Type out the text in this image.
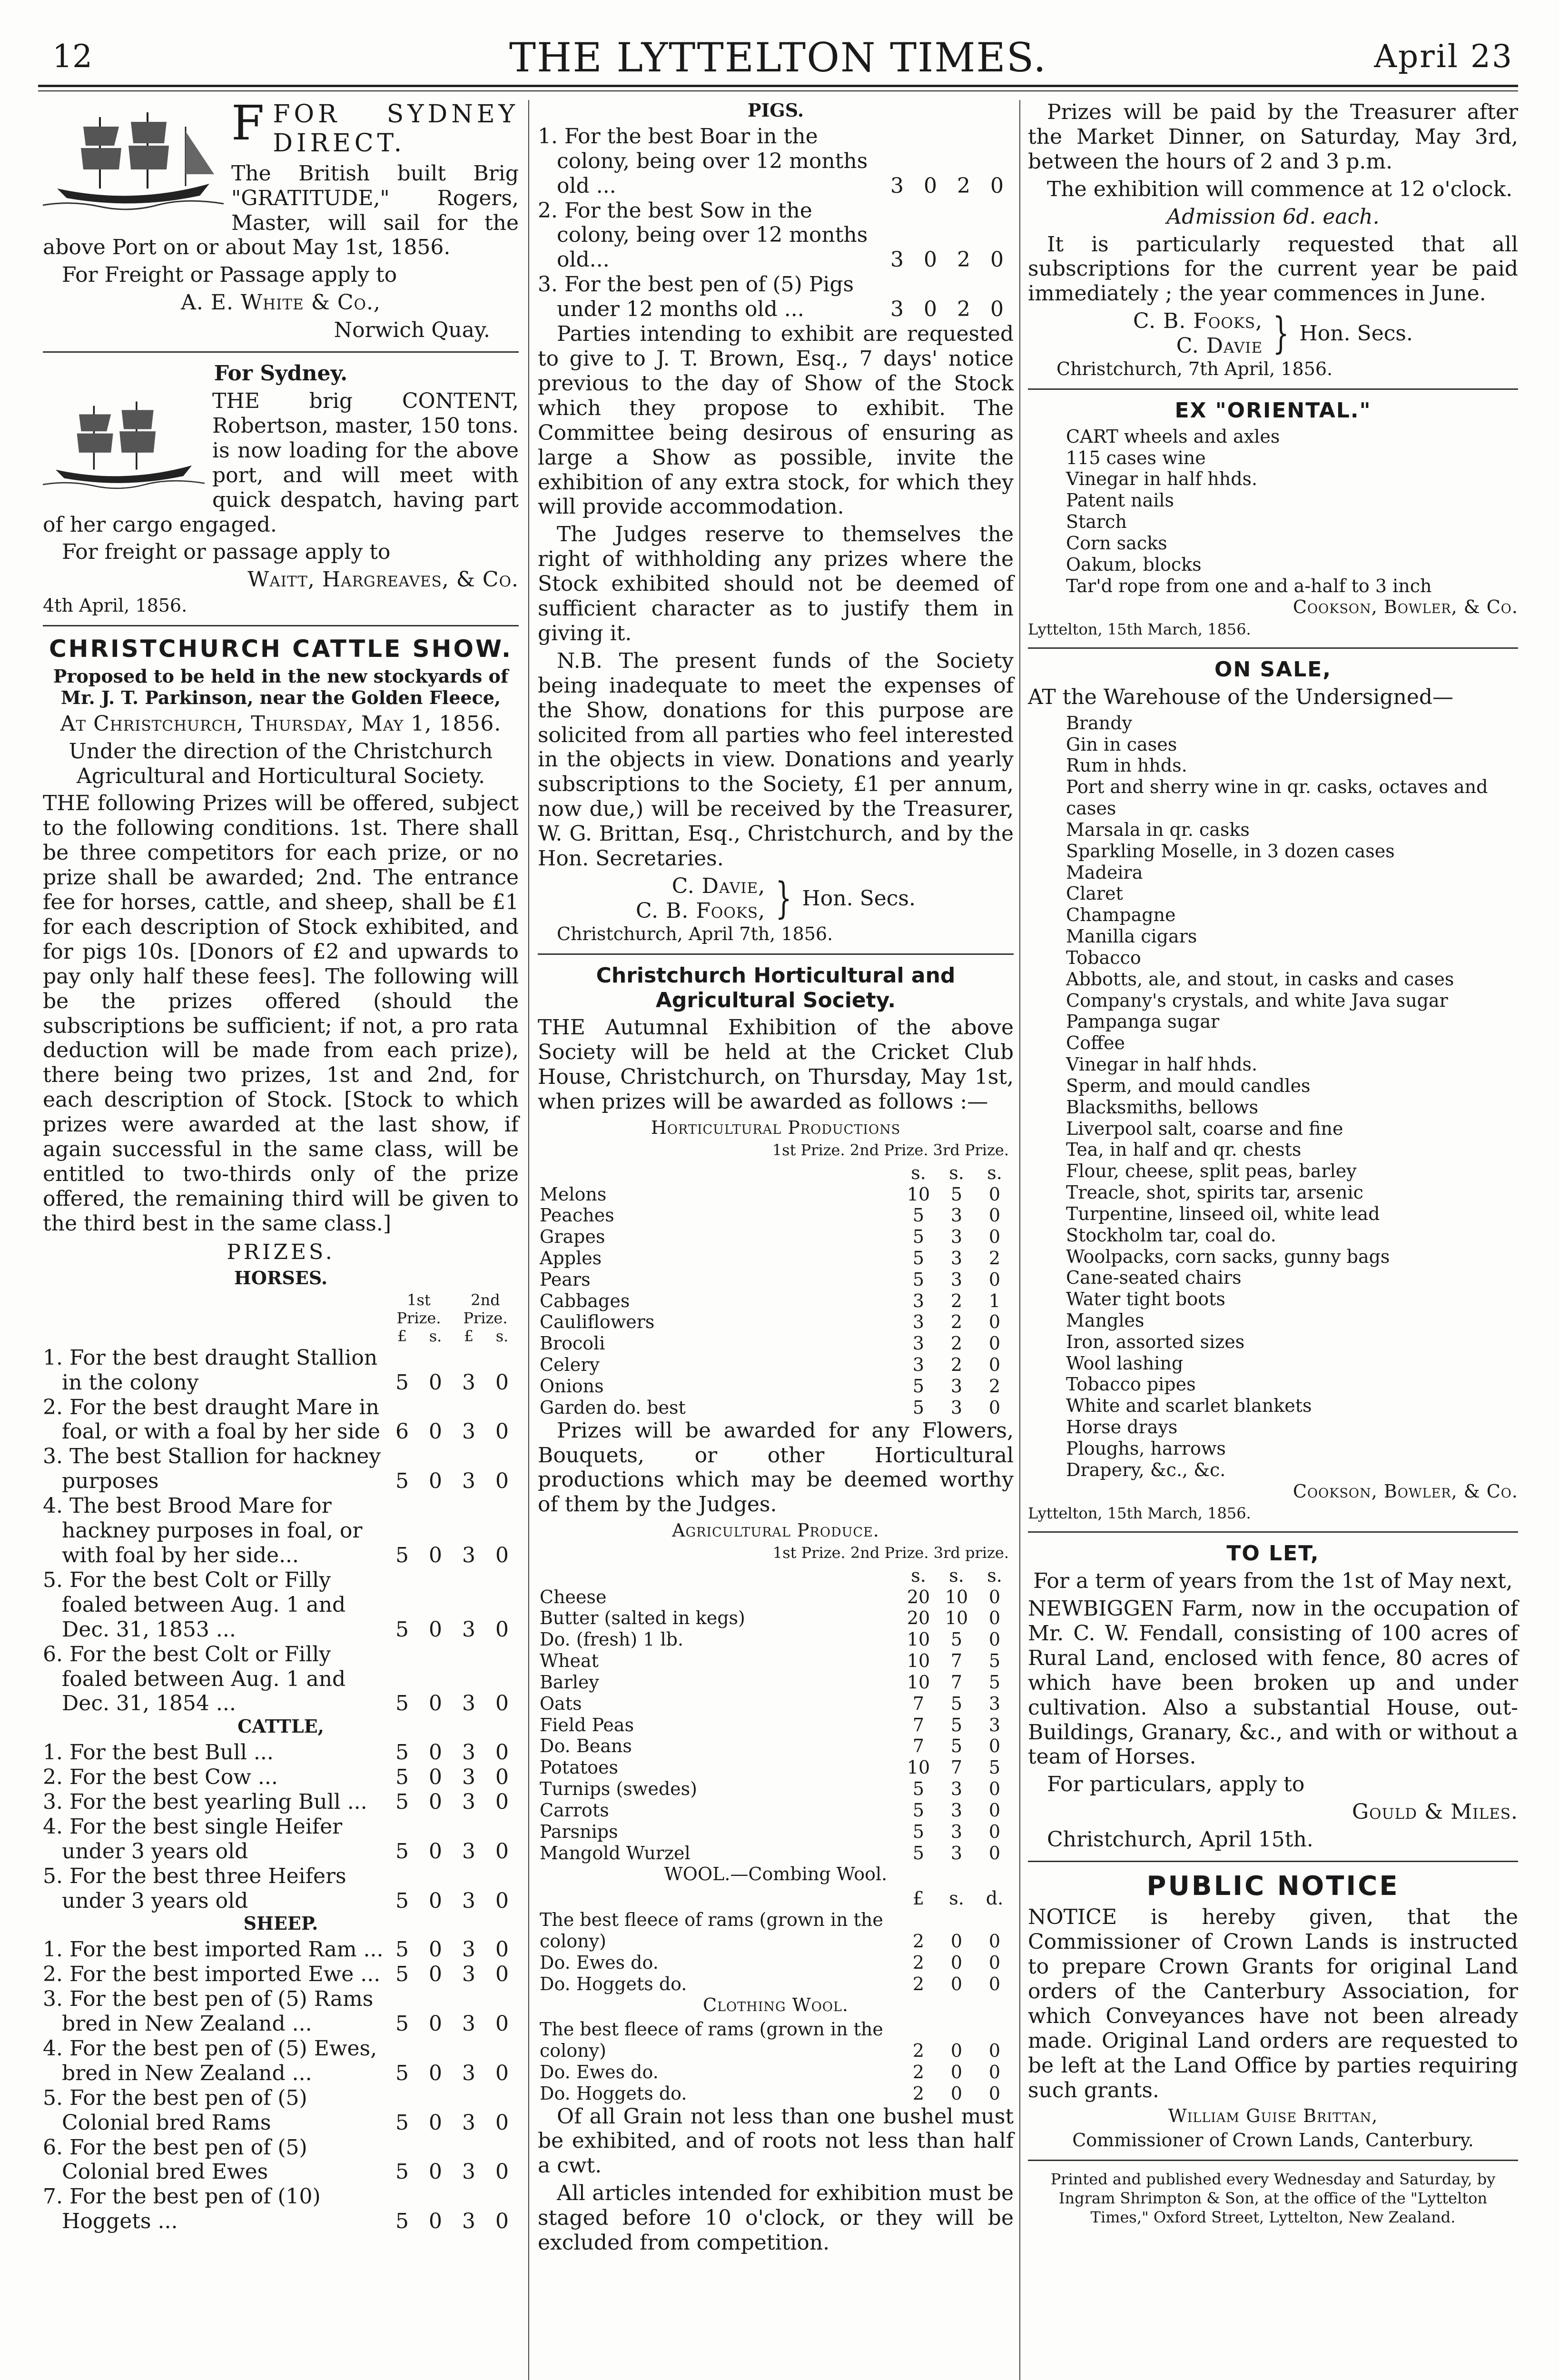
12	THE LYTTELTON TIMES.	April 23

FFOR SYDNEY DIRECT.

The British built Brig "GRATITUDE," Rogers, Master, will sail for the above Port on or about May 1st, 1856.

For Freight or Passage apply to

A. E. White & Co.,

Norwich Quay.

For Sydney.

THE brig CONTENT, Robertson, master, 150 tons. is now loading for the above port, and will meet with quick despatch, having part of her cargo engaged.

For freight or passage apply to

Waitt, Hargreaves, & Co.

4th April, 1856.

CHRISTCHURCH CATTLE SHOW.

Proposed to be held in the new stockyards of Mr. J. T. Parkinson, near the Golden Fleece,

At Christchurch, Thursday, May 1, 1856.

Under the direction of the Christchurch Agricultural and Horticultural Society.

THE following Prizes will be offered, subject to the following conditions. 1st. There shall be three competitors for each prize, or no prize shall be awarded; 2nd. The entrance fee for horses, cattle, and sheep, shall be £1 for each description of Stock exhibited, and for pigs 10s. [Donors of £2 and upwards to pay only half these fees]. The following will be the prizes offered (should the subscriptions be sufficient; if not, a pro rata deduction will be made from each prize), there being two prizes, 1st and 2nd, for each description of Stock. [Stock to which prizes were awarded at the last show, if again successful in the same class, will be entitled to two-thirds only of the prize offered, the remaining third will be given to the third best in the same class.]

PRIZES.

HORSES.

	1st Prize.		2nd Prize.	
	£	s.	£	s.
1. For the best draught Stallion in the colony	5	0	3	0
2. For the best draught Mare in foal, or with a foal by her side	6	0	3	0
3. The best Stallion for hackney purposes	5	0	3	0
4. The best Brood Mare for hackney purposes in foal, or with foal by her side...	5	0	3	0
5. For the best Colt or Filly foaled between Aug. 1 and Dec. 31, 1853 ...	5	0	3	0
6. For the best Colt or Filly foaled between Aug. 1 and Dec. 31, 1854 ...	5	0	3	0

CATTLE,

1. For the best Bull ...	5	0	3	0
2. For the best Cow ...	5	0	3	0
3. For the best yearling Bull ...	5	0	3	0
4. For the best single Heifer under 3 years old	5	0	3	0
5. For the best three Heifers under 3 years old	5	0	3	0

SHEEP.

1. For the best imported Ram ...	5	0	3	0
2. For the best imported Ewe ...	5	0	3	0
3. For the best pen of (5) Rams bred in New Zealand ...	5	0	3	0
4. For the best pen of (5) Ewes, bred in New Zealand ...	5	0	3	0
5. For the best pen of (5) Colonial bred Rams	5	0	3	0
6. For the best pen of (5) Colonial bred Ewes	5	0	3	0
7. For the best pen of (10) Hoggets ...	5	0	3	0

PIGS.

1. For the best Boar in the colony, being over 12 months old ...	3	0	2	0
2. For the best Sow in the colony, being over 12 months old...	3	0	2	0
3. For the best pen of (5) Pigs under 12 months old ...	3	0	2	0

Parties intending to exhibit are requested to give to J. T. Brown, Esq., 7 days' notice previous to the day of Show of the Stock which they propose to exhibit. The Committee being desirous of ensuring as large a Show as possible, invite the exhibition of any extra stock, for which they will provide accommodation.

The Judges reserve to themselves the right of withholding any prizes where the Stock exhibited should not be deemed of sufficient character as to justify them in giving it.

N.B. The present funds of the Society being inadequate to meet the expenses of the Show, donations for this purpose are solicited from all parties who feel interested in the objects in view. Donations and yearly subscriptions to the Society, £1 per annum, now due,) will be received by the Treasurer, W. G. Brittan, Esq., Christchurch, and by the Hon. Secretaries.

C. Davie,
C. B. Fooks, } Hon. Secs.

Christchurch, April 7th, 1856.

Christchurch Horticultural and Agricultural Society.

THE Autumnal Exhibition of the above Society will be held at the Cricket Club House, Christchurch, on Thursday, May 1st, when prizes will be awarded as follows :—

Horticultural Productions

1st Prize. 2nd Prize. 3rd Prize.

	s.	s.	s.
Melons	10	5	0
Peaches	5	3	0
Grapes	5	3	0
Apples	5	3	2
Pears	5	3	0
Cabbages	3	2	1
Cauliflowers	3	2	0
Brocoli	3	2	0
Celery	3	2	0
Onions	5	3	2
Garden do. best	5	3	0

Prizes will be awarded for any Flowers, Bouquets, or other Horticultural productions which may be deemed worthy of them by the Judges.

Agricultural Produce.

1st Prize. 2nd Prize. 3rd prize.

	s.	s.	s.
Cheese	20	10	0
Butter (salted in kegs)	20	10	0
Do. (fresh) 1 lb.	10	5	0
Wheat	10	7	5
Barley	10	7	5
Oats	7	5	3
Field Peas	7	5	3
Do. Beans	7	5	0
Potatoes	10	7	5
Turnips (swedes)	5	3	0
Carrots	5	3	0
Parsnips	5	3	0
Mangold Wurzel	5	3	0

WOOL.—Combing Wool.

	£	s.	d.
The best fleece of rams (grown in the colony)	2	0	0
Do. Ewes do.	2	0	0
Do. Hoggets do.	2	0	0

Clothing Wool.

The best fleece of rams (grown in the colony)	2	0	0
Do. Ewes do.	2	0	0
Do. Hoggets do.	2	0	0

Of all Grain not less than one bushel must be exhibited, and of roots not less than half a cwt.

All articles intended for exhibition must be staged before 10 o'clock, or they will be excluded from competition.

Prizes will be paid by the Treasurer after the Market Dinner, on Saturday, May 3rd, between the hours of 2 and 3 p.m.

The exhibition will commence at 12 o'clock.

Admission 6d. each.

It is particularly requested that all subscriptions for the current year be paid immediately ; the year commences in June.

C. B. Fooks,
C. Davie } Hon. Secs.

Christchurch, 7th April, 1856.

EX "ORIENTAL."

CART wheels and axles
115 cases wine
Vinegar in half hhds.
Patent nails
Starch
Corn sacks
Oakum, blocks
Tar'd rope from one and a-half to 3 inch

Cookson, Bowler, & Co.

Lyttelton, 15th March, 1856.

ON SALE,

AT the Warehouse of the Undersigned—

Brandy
Gin in cases
Rum in hhds.
Port and sherry wine in qr. casks, octaves and cases
Marsala in qr. casks
Sparkling Moselle, in 3 dozen cases
Madeira
Claret
Champagne
Manilla cigars
Tobacco
Abbotts, ale, and stout, in casks and cases
Company's crystals, and white Java sugar
Pampanga sugar
Coffee
Vinegar in half hhds.
Sperm, and mould candles
Blacksmiths, bellows
Liverpool salt, coarse and fine
Tea, in half and qr. chests
Flour, cheese, split peas, barley
Treacle, shot, spirits tar, arsenic
Turpentine, linseed oil, white lead
Stockholm tar, coal do.
Woolpacks, corn sacks, gunny bags
Cane-seated chairs
Water tight boots
Mangles
Iron, assorted sizes
Wool lashing
Tobacco pipes
White and scarlet blankets
Horse drays
Ploughs, harrows
Drapery, &c., &c.

Cookson, Bowler, & Co.

Lyttelton, 15th March, 1856.

TO LET,

For a term of years from the 1st of May next,

NEWBIGGEN Farm, now in the occupation of Mr. C. W. Fendall, consisting of 100 acres of Rural Land, enclosed with fence, 80 acres of which have been broken up and under cultivation. Also a substantial House, out-Buildings, Granary, &c., and with or without a team of Horses.

For particulars, apply to

Gould & Miles.

Christchurch, April 15th.

PUBLIC NOTICE

NOTICE is hereby given, that the Commissioner of Crown Lands is instructed to prepare Crown Grants for original Land orders of the Canterbury Association, for which Conveyances have not been already made. Original Land orders are requested to be left at the Land Office by parties requiring such grants.

William Guise Brittan,

Commissioner of Crown Lands, Canterbury.

Printed and published every Wednesday and Saturday, by Ingram Shrimpton & Son, at the office of the "Lyttelton Times," Oxford Street, Lyttelton, New Zealand.
